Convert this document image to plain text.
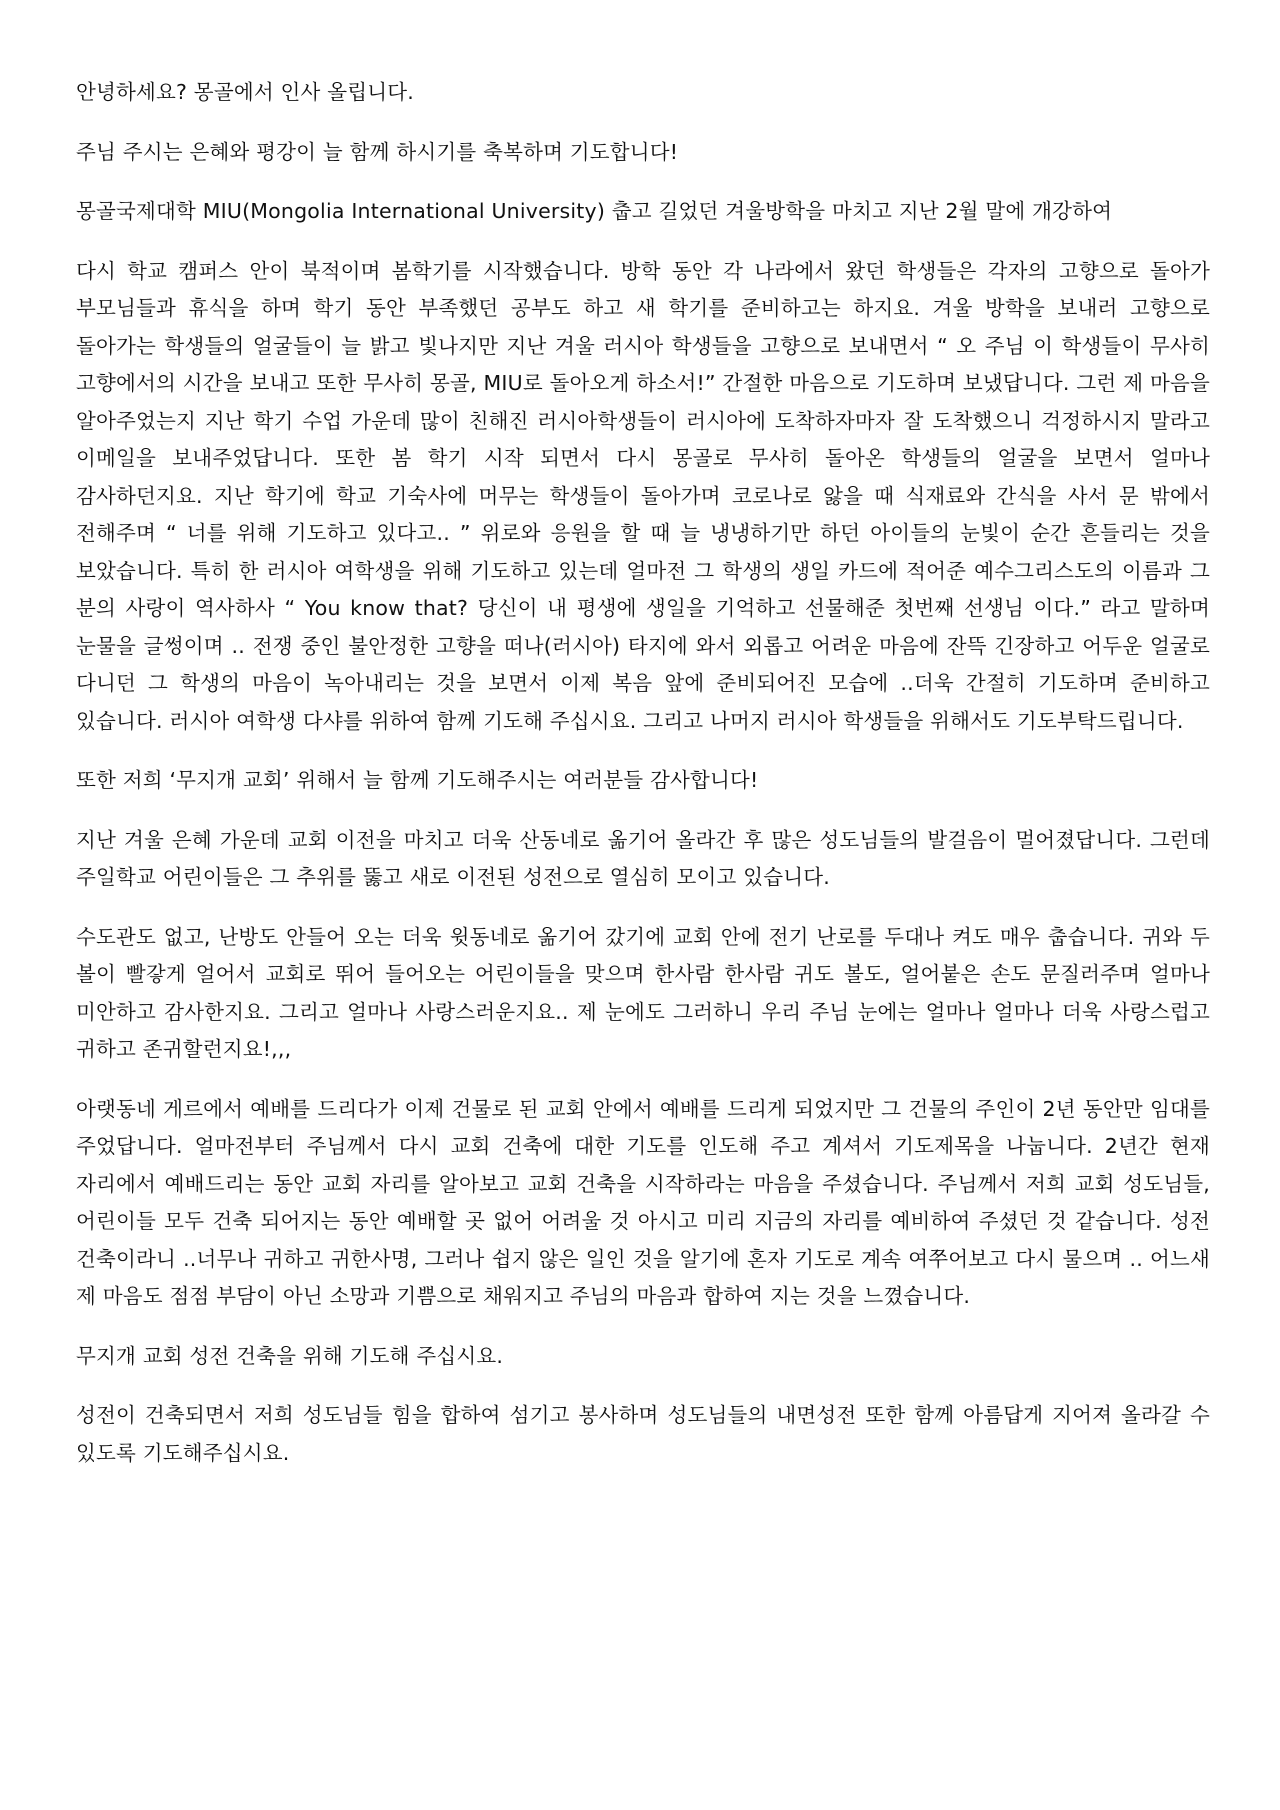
안녕하세요? 몽골에서 인사 올립니다.

주님 주시는 은혜와 평강이 늘 함께 하시기를 축복하며 기도합니다!

몽골국제대학 MIU(Mongolia International University) 춥고 길었던 겨울방학을 마치고 지난 2월 말에 개강하여

다시 학교 캠퍼스 안이 북적이며 봄학기를 시작했습니다. 방학 동안 각 나라에서 왔던 학생들은 각자의 고향으로 돌아가 부모님들과 휴식을 하며 학기 동안 부족했던 공부도 하고 새 학기를 준비하고는 하지요. 겨울 방학을 보내러 고향으로 돌아가는 학생들의 얼굴들이 늘 밝고 빛나지만 지난 겨울 러시아 학생들을 고향으로 보내면서 “ 오 주님 이 학생들이 무사히 고향에서의 시간을 보내고 또한 무사히 몽골, MIU로 돌아오게 하소서!” 간절한 마음으로 기도하며 보냈답니다. 그런 제 마음을 알아주었는지 지난 학기 수업 가운데 많이 친해진 러시아학생들이 러시아에 도착하자마자 잘 도착했으니 걱정하시지 말라고 이메일을 보내주었답니다. 또한 봄 학기 시작 되면서 다시 몽골로 무사히 돌아온 학생들의 얼굴을 보면서 얼마나 감사하던지요. 지난 학기에 학교 기숙사에 머무는 학생들이 돌아가며 코로나로 앓을 때 식재료와 간식을 사서 문 밖에서 전해주며 “ 너를 위해 기도하고 있다고.. ” 위로와 응원을 할 때 늘 냉냉하기만 하던 아이들의 눈빛이 순간 흔들리는 것을 보았습니다. 특히 한 러시아 여학생을 위해 기도하고 있는데 얼마전 그 학생의 생일 카드에 적어준 예수그리스도의 이름과 그 분의 사랑이 역사하사 “ You know that? 당신이 내 평생에 생일을 기억하고 선물해준 첫번째 선생님 이다.” 라고 말하며 눈물을 글썽이며 .. 전쟁 중인 불안정한 고향을 떠나(러시아) 타지에 와서 외롭고 어려운 마음에 잔뜩 긴장하고 어두운 얼굴로 다니던 그 학생의 마음이 녹아내리는 것을 보면서 이제 복음 앞에 준비되어진 모습에 ..더욱 간절히 기도하며 준비하고 있습니다. 러시아 여학생 다샤를 위하여 함께 기도해 주십시요. 그리고 나머지 러시아 학생들을 위해서도 기도부탁드립니다.

또한 저희 ‘무지개 교회’ 위해서 늘 함께 기도해주시는 여러분들 감사합니다!

지난 겨울 은혜 가운데 교회 이전을 마치고 더욱 산동네로 옮기어 올라간 후 많은 성도님들의 발걸음이 멀어졌답니다. 그런데 주일학교 어린이들은 그 추위를 뚫고 새로 이전된 성전으로 열심히 모이고 있습니다.

수도관도 없고, 난방도 안들어 오는 더욱 윗동네로 옮기어 갔기에 교회 안에 전기 난로를 두대나 켜도 매우 춥습니다. 귀와 두 볼이 빨갛게 얼어서 교회로 뛰어 들어오는 어린이들을 맞으며 한사람 한사람 귀도 볼도, 얼어붙은 손도 문질러주며 얼마나 미안하고 감사한지요. 그리고 얼마나 사랑스러운지요.. 제 눈에도 그러하니 우리 주님 눈에는 얼마나 얼마나 더욱 사랑스럽고 귀하고 존귀할런지요!,,,

아랫동네 게르에서 예배를 드리다가 이제 건물로 된 교회 안에서 예배를 드리게 되었지만 그 건물의 주인이 2년 동안만 임대를 주었답니다. 얼마전부터 주님께서 다시 교회 건축에 대한 기도를 인도해 주고 계셔서 기도제목을 나눕니다. 2년간 현재 자리에서 예배드리는 동안 교회 자리를 알아보고 교회 건축을 시작하라는 마음을 주셨습니다. 주님께서 저희 교회 성도님들, 어린이들 모두 건축 되어지는 동안 예배할 곳 없어 어려울 것 아시고 미리 지금의 자리를 예비하여 주셨던 것 같습니다. 성전 건축이라니 ..너무나 귀하고 귀한사명, 그러나 쉽지 않은 일인 것을 알기에 혼자 기도로 계속 여쭈어보고 다시 물으며 .. 어느새 제 마음도 점점 부담이 아닌 소망과 기쁨으로 채워지고 주님의 마음과 합하여 지는 것을 느꼈습니다.

무지개 교회 성전 건축을 위해 기도해 주십시요.

성전이 건축되면서 저희 성도님들 힘을 합하여 섬기고 봉사하며 성도님들의 내면성전 또한 함께 아름답게 지어져 올라갈 수 있도록 기도해주십시요.
